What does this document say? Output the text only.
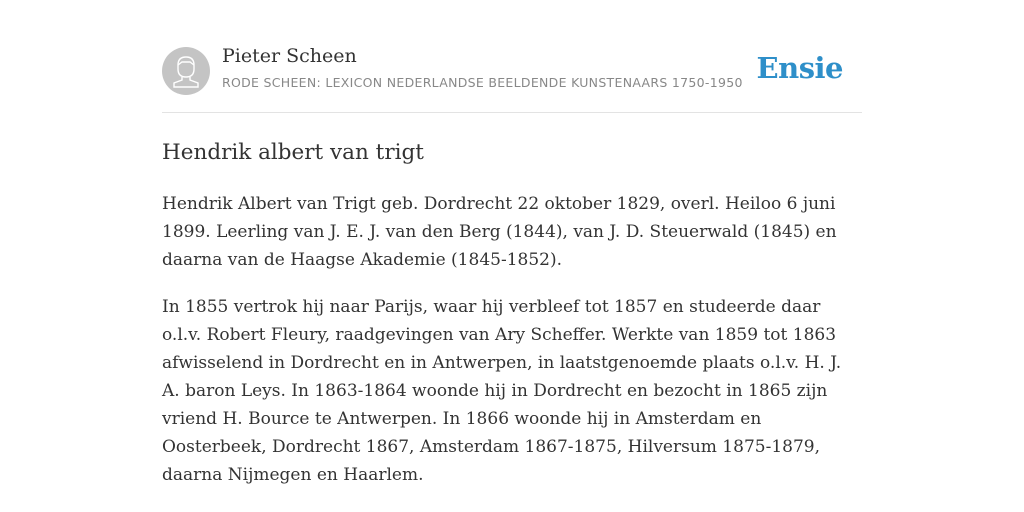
Pieter Scheen
RODE SCHEEN: LEXICON NEDERLANDSE BEELDENDE KUNSTENAARS 1750-1950 Ensie
Hendrik albert van trigt

Hendrik Albert van Trigt geb. Dordrecht 22 oktober 1829, overl. Heiloo 6 juni 1899. Leerling van J. E. J. van den Berg (1844), van J. D. Steuerwald (1845) en daarna van de Haagse Akademie (1845-1852).

In 1855 vertrok hij naar Parijs, waar hij verbleef tot 1857 en studeerde daar o.l.v. Robert Fleury, raadgevingen van Ary Scheffer. Werkte van 1859 tot 1863 afwisselend in Dordrecht en in Antwerpen, in laatstgenoemde plaats o.l.v. H. J. A. baron Leys. In 1863-1864 woonde hij in Dordrecht en bezocht in 1865 zijn vriend H. Bource te Antwerpen. In 1866 woonde hij in Amsterdam en Oosterbeek, Dordrecht 1867, Amsterdam 1867-1875, Hilversum 1875-1879, daarna Nijmegen en Haarlem.
